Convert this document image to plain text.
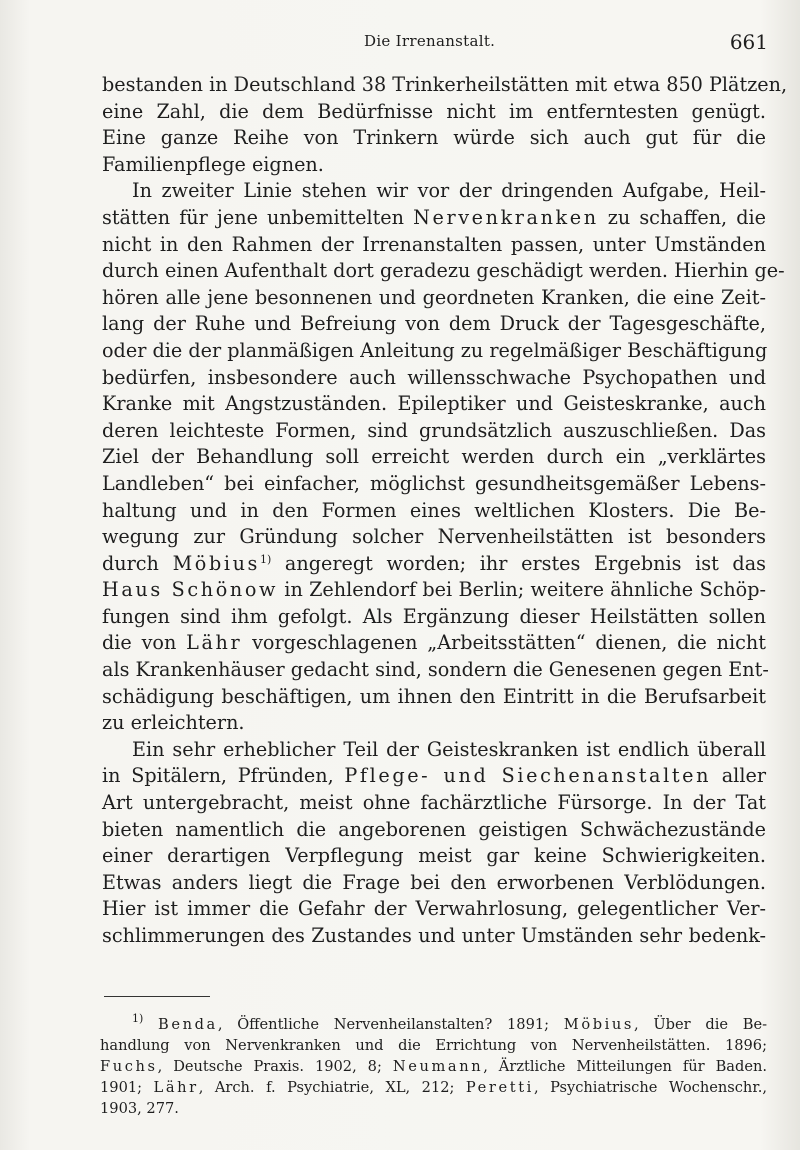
Die Irrenanstalt.	661
bestanden in Deutschland 38 Trinkerheilstätten mit etwa 850 Plätzen,
eine Zahl, die dem Bedürfnisse nicht im entferntesten genügt.
Eine ganze Reihe von Trinkern würde sich auch gut für die
Familienpflege eignen.
In zweiter Linie stehen wir vor der dringenden Aufgabe, Heil-
stätten für jene unbemittelten Nervenkranken zu schaffen, die
nicht in den Rahmen der Irrenanstalten passen, unter Umständen
durch einen Aufenthalt dort geradezu geschädigt werden. Hierhin ge-
hören alle jene besonnenen und geordneten Kranken, die eine Zeit-
lang der Ruhe und Befreiung von dem Druck der Tagesgeschäfte,
oder die der planmäßigen Anleitung zu regelmäßiger Beschäftigung
bedürfen, insbesondere auch willensschwache Psychopathen und
Kranke mit Angstzuständen. Epileptiker und Geisteskranke, auch
deren leichteste Formen, sind grundsätzlich auszuschließen. Das
Ziel der Behandlung soll erreicht werden durch ein „verklärtes
Landleben“ bei einfacher, möglichst gesundheitsgemäßer Lebens-
haltung und in den Formen eines weltlichen Klosters. Die Be-
wegung zur Gründung solcher Nervenheilstätten ist besonders
durch Möbius$^{1)}$ angeregt worden; ihr erstes Ergebnis ist das
Haus Schönow in Zehlendorf bei Berlin; weitere ähnliche Schöp-
fungen sind ihm gefolgt. Als Ergänzung dieser Heilstätten sollen
die von Lähr vorgeschlagenen „Arbeitsstätten“ dienen, die nicht
als Krankenhäuser gedacht sind, sondern die Genesenen gegen Ent-
schädigung beschäftigen, um ihnen den Eintritt in die Berufsarbeit
zu erleichtern.
Ein sehr erheblicher Teil der Geisteskranken ist endlich überall
in Spitälern, Pfründen, Pflege- und Siechenanstalten aller
Art untergebracht, meist ohne fachärztliche Fürsorge. In der Tat
bieten namentlich die angeborenen geistigen Schwächezustände
einer derartigen Verpflegung meist gar keine Schwierigkeiten.
Etwas anders liegt die Frage bei den erworbenen Verblödungen.
Hier ist immer die Gefahr der Verwahrlosung, gelegentlicher Ver-
schlimmerungen des Zustandes und unter Umständen sehr bedenk-
$^{1)}$ Benda, Öffentliche Nervenheilanstalten? 1891; Möbius, Über die Be-
handlung von Nervenkranken und die Errichtung von Nervenheilstätten. 1896;
Fuchs, Deutsche Praxis. 1902, 8; Neumann, Ärztliche Mitteilungen für Baden.
1901; Lähr, Arch. f. Psychiatrie, XL, 212; Peretti, Psychiatrische Wochenschr.,
1903, 277.
